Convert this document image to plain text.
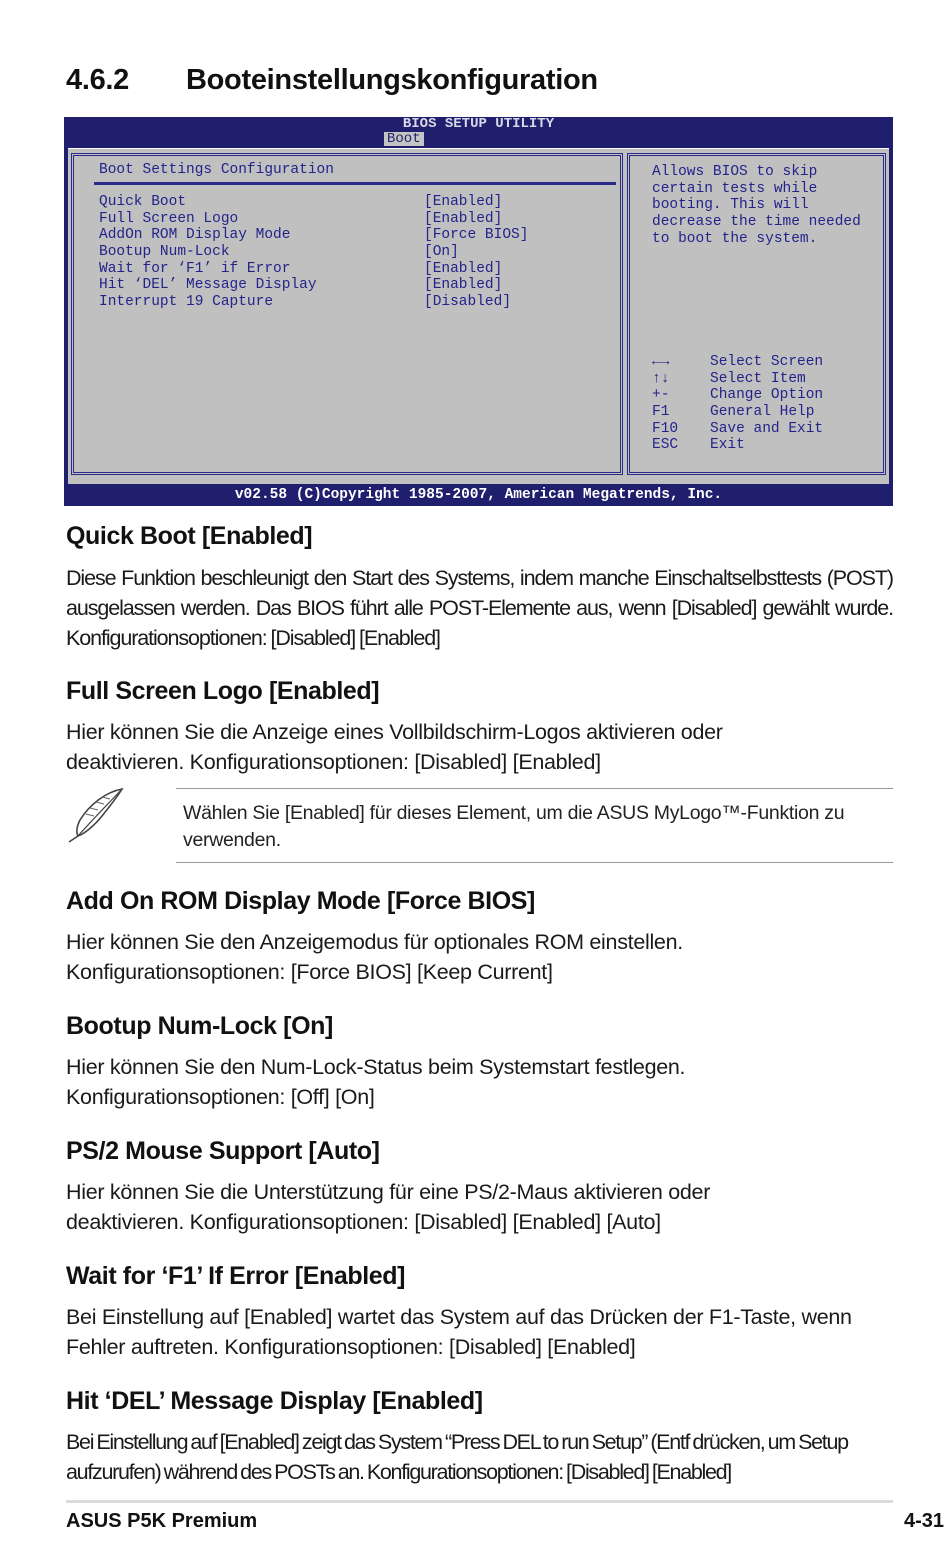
4.6.2 Booteinstellungskonfiguration
BIOS SETUP UTILITY
Boot
Boot Settings Configuration
Quick Boot	[Enabled]
Full Screen Logo	[Enabled]
AddOn ROM Display Mode	[Force BIOS]
Bootup Num-Lock	[On]
Wait for ‘F1’ if Error	[Enabled]
Hit ‘DEL’ Message Display	[Enabled]
Interrupt 19 Capture	[Disabled]
Allows BIOS to skip
certain tests while
booting. This will
decrease the time needed
to boot the system.
←→	Select Screen
↑↓	Select Item
+-	Change Option
F1	General Help
F10 Save and Exit
ESC Exit
v02.58 (C)Copyright 1985-2007, American Megatrends, Inc.
Quick Boot [Enabled]

Diese Funktion beschleunigt den Start des Systems, indem manche Einschaltselbsttests (POST) ausgelassen werden. Das BIOS führt alle POST-Elemente aus, wenn [Disabled] gewählt wurde. Konfigurationsoptionen: [Disabled] [Enabled]

Full Screen Logo [Enabled]

Hier können Sie die Anzeige eines Vollbildschirm-Logos aktivieren oder deaktivieren. Konfigurationsoptionen: [Disabled] [Enabled]

Wählen Sie [Enabled] für dieses Element, um die ASUS MyLogo™-Funktion zu verwenden.

Add On ROM Display Mode [Force BIOS]

Hier können Sie den Anzeigemodus für optionales ROM einstellen. Konfigurationsoptionen: [Force BIOS] [Keep Current]

Bootup Num-Lock [On]

Hier können Sie den Num-Lock-Status beim Systemstart festlegen. Konfigurationsoptionen: [Off] [On]

PS/2 Mouse Support [Auto]

Hier können Sie die Unterstützung für eine PS/2-Maus aktivieren oder deaktivieren. Konfigurationsoptionen: [Disabled] [Enabled] [Auto]

Wait for ‘F1’ If Error [Enabled]

Bei Einstellung auf [Enabled] wartet das System auf das Drücken der F1-Taste, wenn Fehler auftreten. Konfigurationsoptionen: [Disabled] [Enabled]

Hit ‘DEL’ Message Display [Enabled]

Bei Einstellung auf [Enabled] zeigt das System “Press DEL to run Setup” (Entf drücken, um Setup aufzurufen) während des POSTs an. Konfigurationsoptionen: [Disabled] [Enabled]

ASUS P5K Premium	4-31
